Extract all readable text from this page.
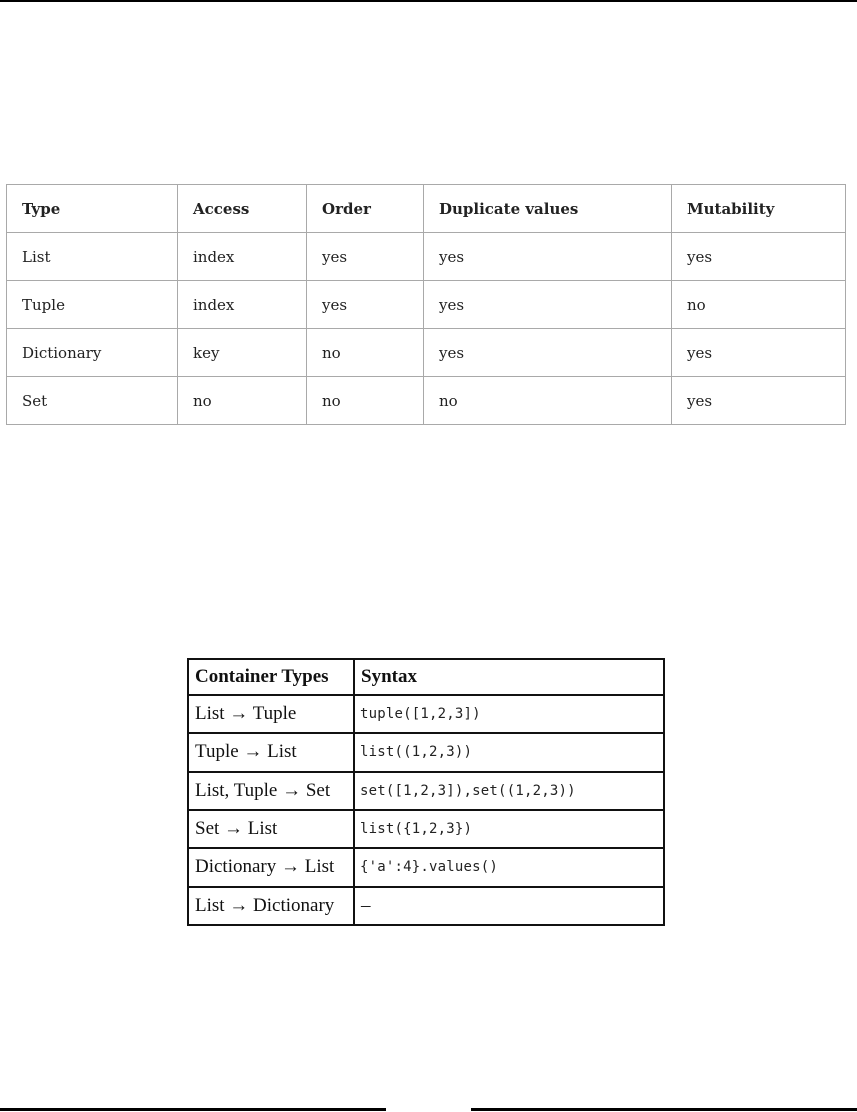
Type	Access	Order	Duplicate values	Mutability
List	index	yes	yes	yes
Tuple	index	yes	yes	no
Dictionary	key	no	yes	yes
Set	no	no	no	yes
Container Types	Syntax
List → Tuple	tuple([1,2,3])
Tuple → List	list((1,2,3))
List, Tuple → Set	set([1,2,3]),set((1,2,3))
Set → List	list({1,2,3})
Dictionary → List	{'a':4}.values()
List → Dictionary	–
